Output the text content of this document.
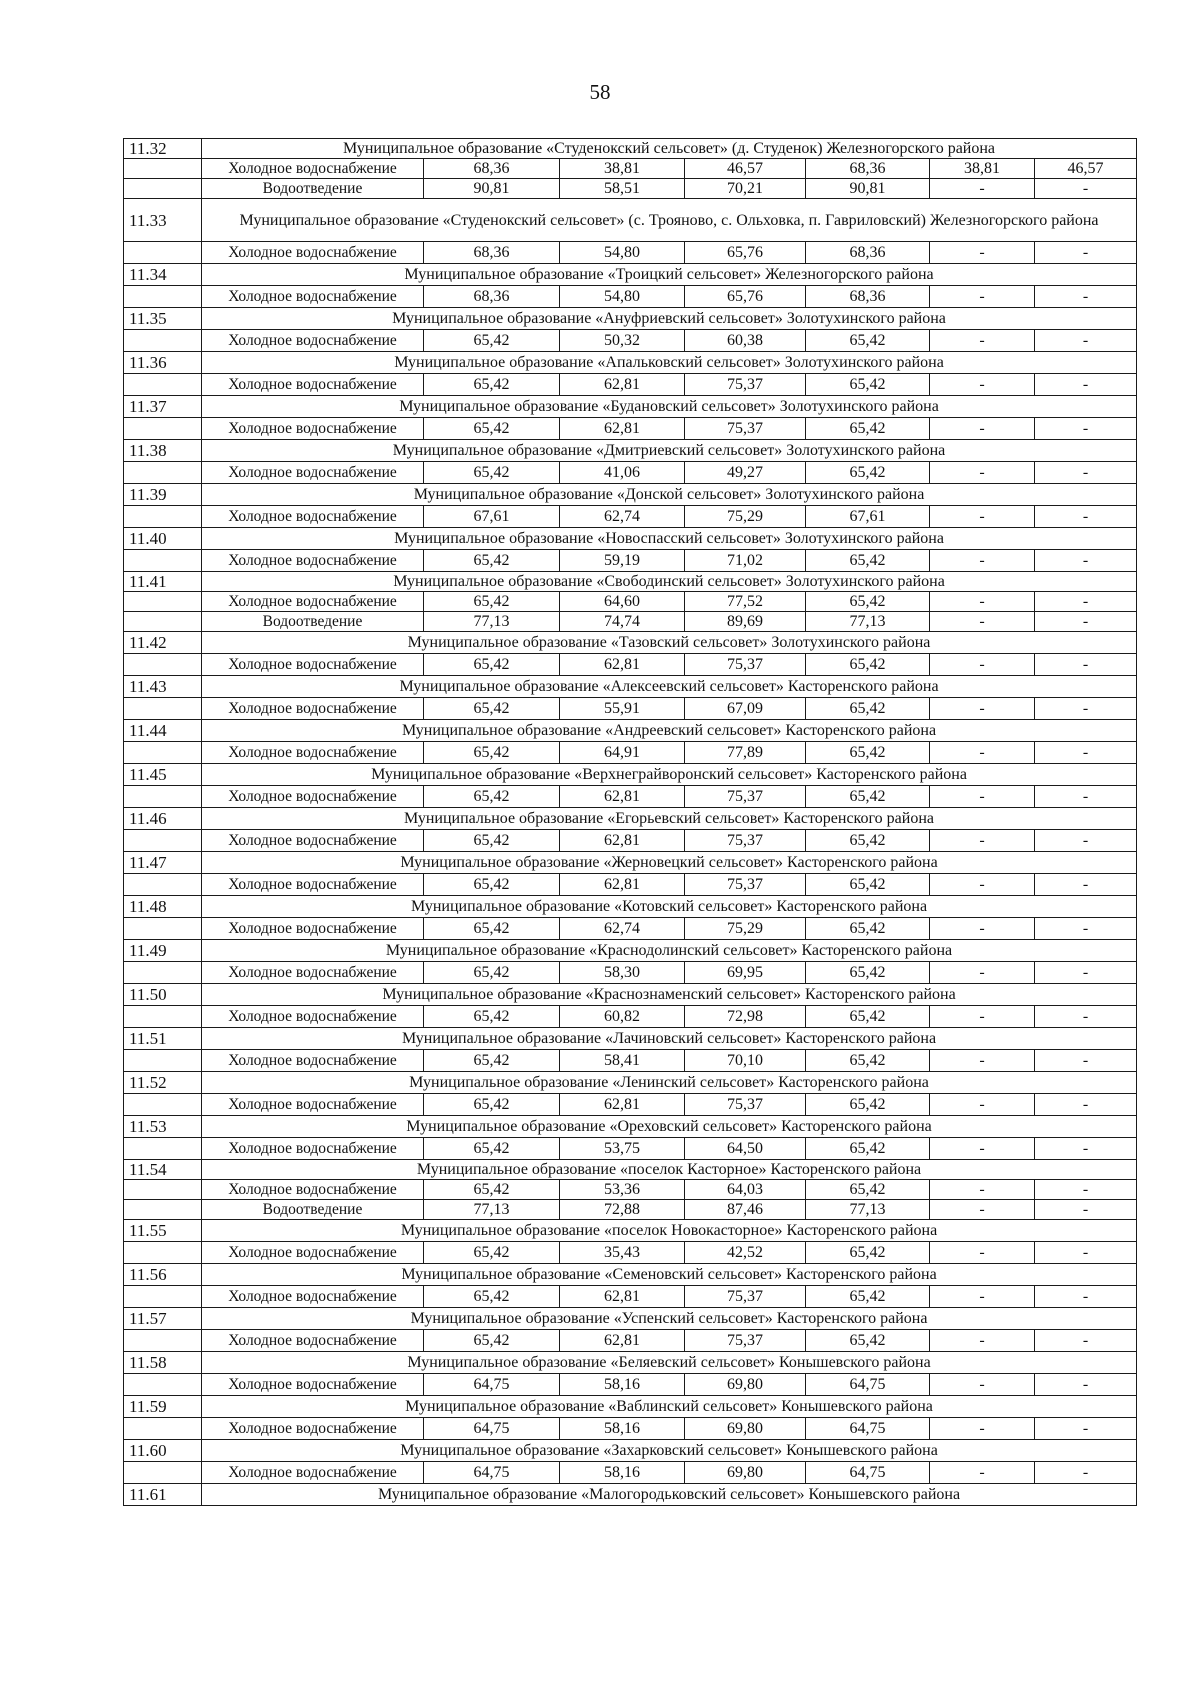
58
11.32	Муниципальное образование «Студенокский сельсовет» (д. Студенок) Железногорского района						
	Холодное водоснабжение	68,36	38,81	46,57	68,36	38,81	46,57
	Водоотведение	90,81	58,51	70,21	90,81	-	-
11.33	Муниципальное образование «Студенокский сельсовет» (с. Трояново, с. Ольховка, п. Гавриловский) Железногорского района						
	Холодное водоснабжение	68,36	54,80	65,76	68,36	-	-
11.34	Муниципальное образование «Троицкий сельсовет» Железногорского района						
	Холодное водоснабжение	68,36	54,80	65,76	68,36	-	-
11.35	Муниципальное образование «Ануфриевский сельсовет» Золотухинского района						
	Холодное водоснабжение	65,42	50,32	60,38	65,42	-	-
11.36	Муниципальное образование «Апальковский сельсовет» Золотухинского района						
	Холодное водоснабжение	65,42	62,81	75,37	65,42	-	-
11.37	Муниципальное образование «Будановский сельсовет» Золотухинского района						
	Холодное водоснабжение	65,42	62,81	75,37	65,42	-	-
11.38	Муниципальное образование «Дмитриевский сельсовет» Золотухинского района						
	Холодное водоснабжение	65,42	41,06	49,27	65,42	-	-
11.39	Муниципальное образование «Донской сельсовет» Золотухинского района						
	Холодное водоснабжение	67,61	62,74	75,29	67,61	-	-
11.40	Муниципальное образование «Новоспасский сельсовет» Золотухинского района						
	Холодное водоснабжение	65,42	59,19	71,02	65,42	-	-
11.41	Муниципальное образование «Свободинский сельсовет» Золотухинского района						
	Холодное водоснабжение	65,42	64,60	77,52	65,42	-	-
	Водоотведение	77,13	74,74	89,69	77,13	-	-
11.42	Муниципальное образование «Тазовский сельсовет» Золотухинского района						
	Холодное водоснабжение	65,42	62,81	75,37	65,42	-	-
11.43	Муниципальное образование «Алексеевский сельсовет» Касторенского района						
	Холодное водоснабжение	65,42	55,91	67,09	65,42	-	-
11.44	Муниципальное образование «Андреевский сельсовет» Касторенского района						
	Холодное водоснабжение	65,42	64,91	77,89	65,42	-	-
11.45	Муниципальное образование «Верхнеграйворонский сельсовет» Касторенского района						
	Холодное водоснабжение	65,42	62,81	75,37	65,42	-	-
11.46	Муниципальное образование «Егорьевский сельсовет» Касторенского района						
	Холодное водоснабжение	65,42	62,81	75,37	65,42	-	-
11.47	Муниципальное образование «Жерновецкий сельсовет» Касторенского района						
	Холодное водоснабжение	65,42	62,81	75,37	65,42	-	-
11.48	Муниципальное образование «Котовский сельсовет» Касторенского района						
	Холодное водоснабжение	65,42	62,74	75,29	65,42	-	-
11.49	Муниципальное образование «Краснодолинский сельсовет» Касторенского района						
	Холодное водоснабжение	65,42	58,30	69,95	65,42	-	-
11.50	Муниципальное образование «Краснознаменский сельсовет» Касторенского района						
	Холодное водоснабжение	65,42	60,82	72,98	65,42	-	-
11.51	Муниципальное образование «Лачиновский сельсовет» Касторенского района						
	Холодное водоснабжение	65,42	58,41	70,10	65,42	-	-
11.52	Муниципальное образование «Ленинский сельсовет» Касторенского района						
	Холодное водоснабжение	65,42	62,81	75,37	65,42	-	-
11.53	Муниципальное образование «Ореховский сельсовет» Касторенского района						
	Холодное водоснабжение	65,42	53,75	64,50	65,42	-	-
11.54	Муниципальное образование «поселок Касторное» Касторенского района						
	Холодное водоснабжение	65,42	53,36	64,03	65,42	-	-
	Водоотведение	77,13	72,88	87,46	77,13	-	-
11.55	Муниципальное образование «поселок Новокасторное» Касторенского района						
	Холодное водоснабжение	65,42	35,43	42,52	65,42	-	-
11.56	Муниципальное образование «Семеновский сельсовет» Касторенского района						
	Холодное водоснабжение	65,42	62,81	75,37	65,42	-	-
11.57	Муниципальное образование «Успенский сельсовет» Касторенского района						
	Холодное водоснабжение	65,42	62,81	75,37	65,42	-	-
11.58	Муниципальное образование «Беляевский сельсовет» Конышевского района						
	Холодное водоснабжение	64,75	58,16	69,80	64,75	-	-
11.59	Муниципальное образование «Ваблинский сельсовет» Конышевского района						
	Холодное водоснабжение	64,75	58,16	69,80	64,75	-	-
11.60	Муниципальное образование «Захарковский сельсовет» Конышевского района						
	Холодное водоснабжение	64,75	58,16	69,80	64,75	-	-
11.61	Муниципальное образование «Малогородьковский сельсовет» Конышевского района						
